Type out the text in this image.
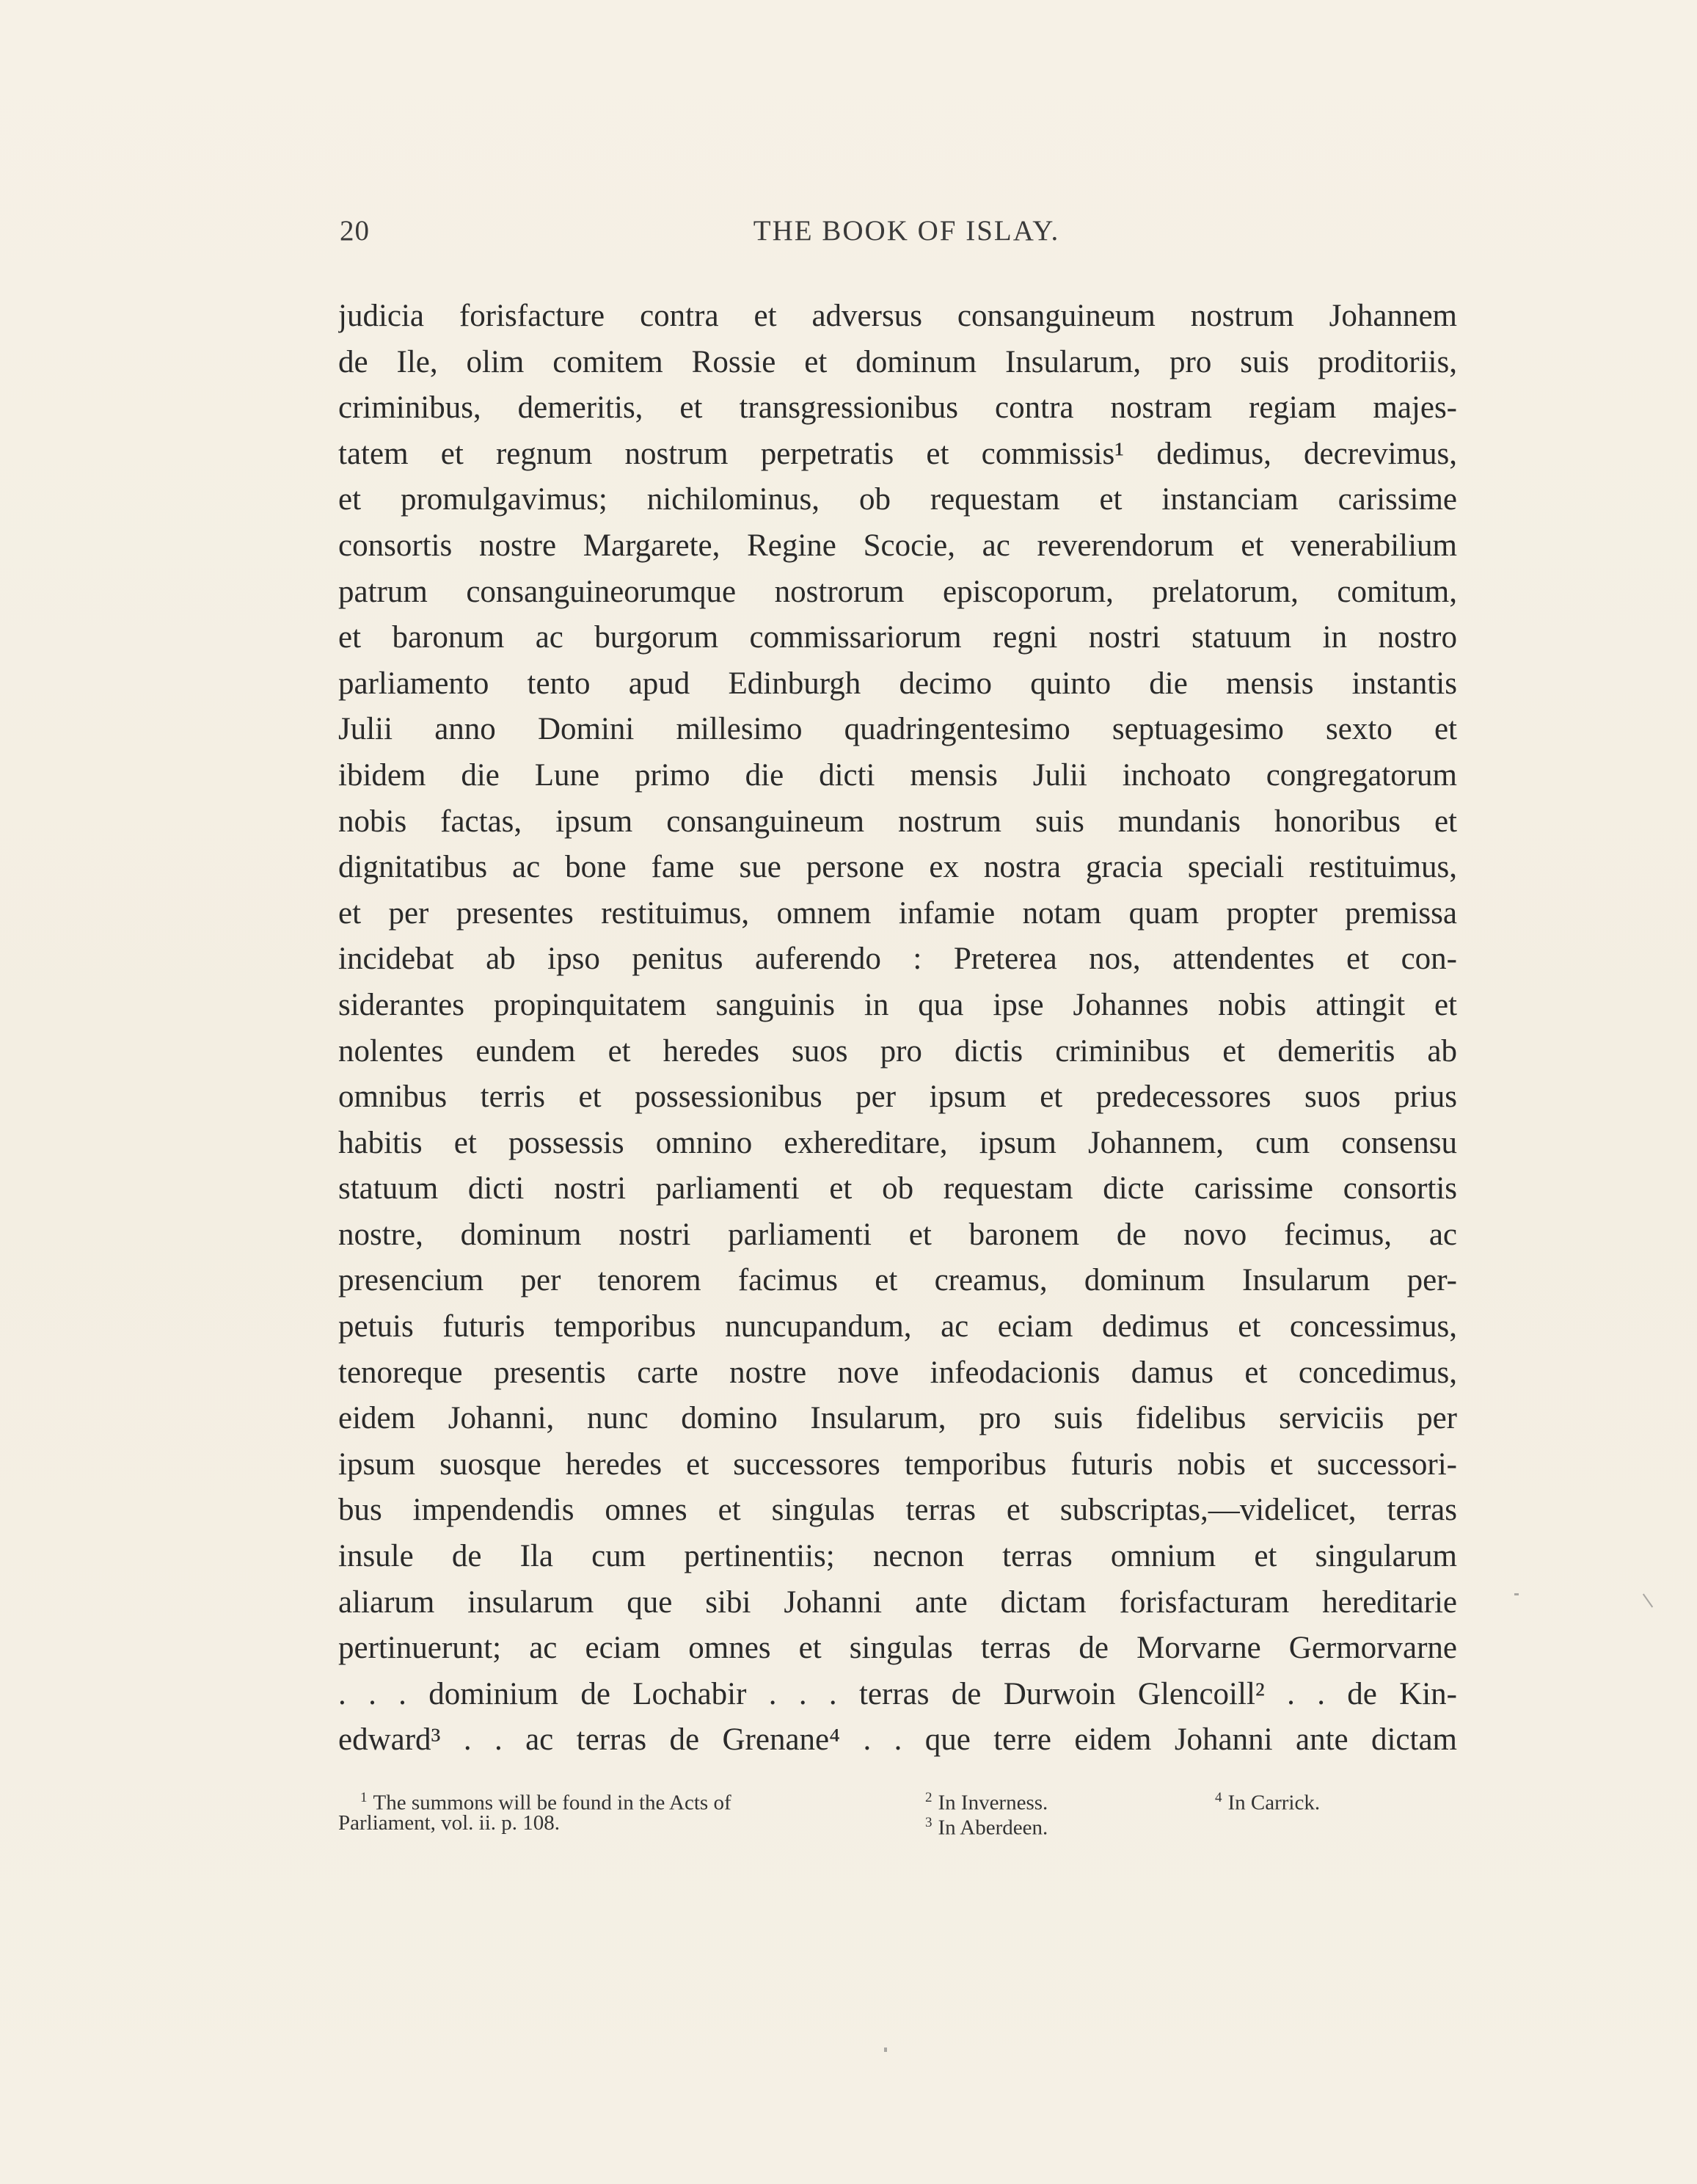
20	THE BOOK OF ISLAY.
judicia forisfacture contra et adversus consanguineum nostrum Johannem
de Ile, olim comitem Rossie et dominum Insularum, pro suis proditoriis,
criminibus, demeritis, et transgressionibus contra nostram regiam majes-
tatem et regnum nostrum perpetratis et commissis¹ dedimus, decrevimus,
et promulgavimus; nichilominus, ob requestam et instanciam carissime
consortis nostre Margarete, Regine Scocie, ac reverendorum et venerabilium
patrum consanguineorumque nostrorum episcoporum, prelatorum, comitum,
et baronum ac burgorum commissariorum regni nostri statuum in nostro
parliamento tento apud Edinburgh decimo quinto die mensis instantis
Julii anno Domini millesimo quadringentesimo septuagesimo sexto et
ibidem die Lune primo die dicti mensis Julii inchoato congregatorum
nobis factas, ipsum consanguineum nostrum suis mundanis honoribus et
dignitatibus ac bone fame sue persone ex nostra gracia speciali restituimus,
et per presentes restituimus, omnem infamie notam quam propter premissa
incidebat ab ipso penitus auferendo : Preterea nos, attendentes et con-
siderantes propinquitatem sanguinis in qua ipse Johannes nobis attingit et
nolentes eundem et heredes suos pro dictis criminibus et demeritis ab
omnibus terris et possessionibus per ipsum et predecessores suos prius
habitis et possessis omnino exhereditare, ipsum Johannem, cum consensu
statuum dicti nostri parliamenti et ob requestam dicte carissime consortis
nostre, dominum nostri parliamenti et baronem de novo fecimus, ac
presencium per tenorem facimus et creamus, dominum Insularum per-
petuis futuris temporibus nuncupandum, ac eciam dedimus et concessimus,
tenoreque presentis carte nostre nove infeodacionis damus et concedimus,
eidem Johanni, nunc domino Insularum, pro suis fidelibus serviciis per
ipsum suosque heredes et successores temporibus futuris nobis et successori-
bus impendendis omnes et singulas terras et subscriptas,—videlicet, terras
insule de Ila cum pertinentiis; necnon terras omnium et singularum
aliarum insularum que sibi Johanni ante dictam forisfacturam hereditarie
pertinuerunt; ac eciam omnes et singulas terras de Morvarne Germorvarne
. . . dominium de Lochabir . . . terras de Durwoin Glencoill² . . de Kin-
edward³ . . ac terras de Grenane⁴ . . que terre eidem Johanni ante dictam
$^1$ The summons will be found in the Acts of
Parliament, vol. ii. p. 108.
$^2$ In Inverness.
$^3$ In Aberdeen.
$^4$ In Carrick.
